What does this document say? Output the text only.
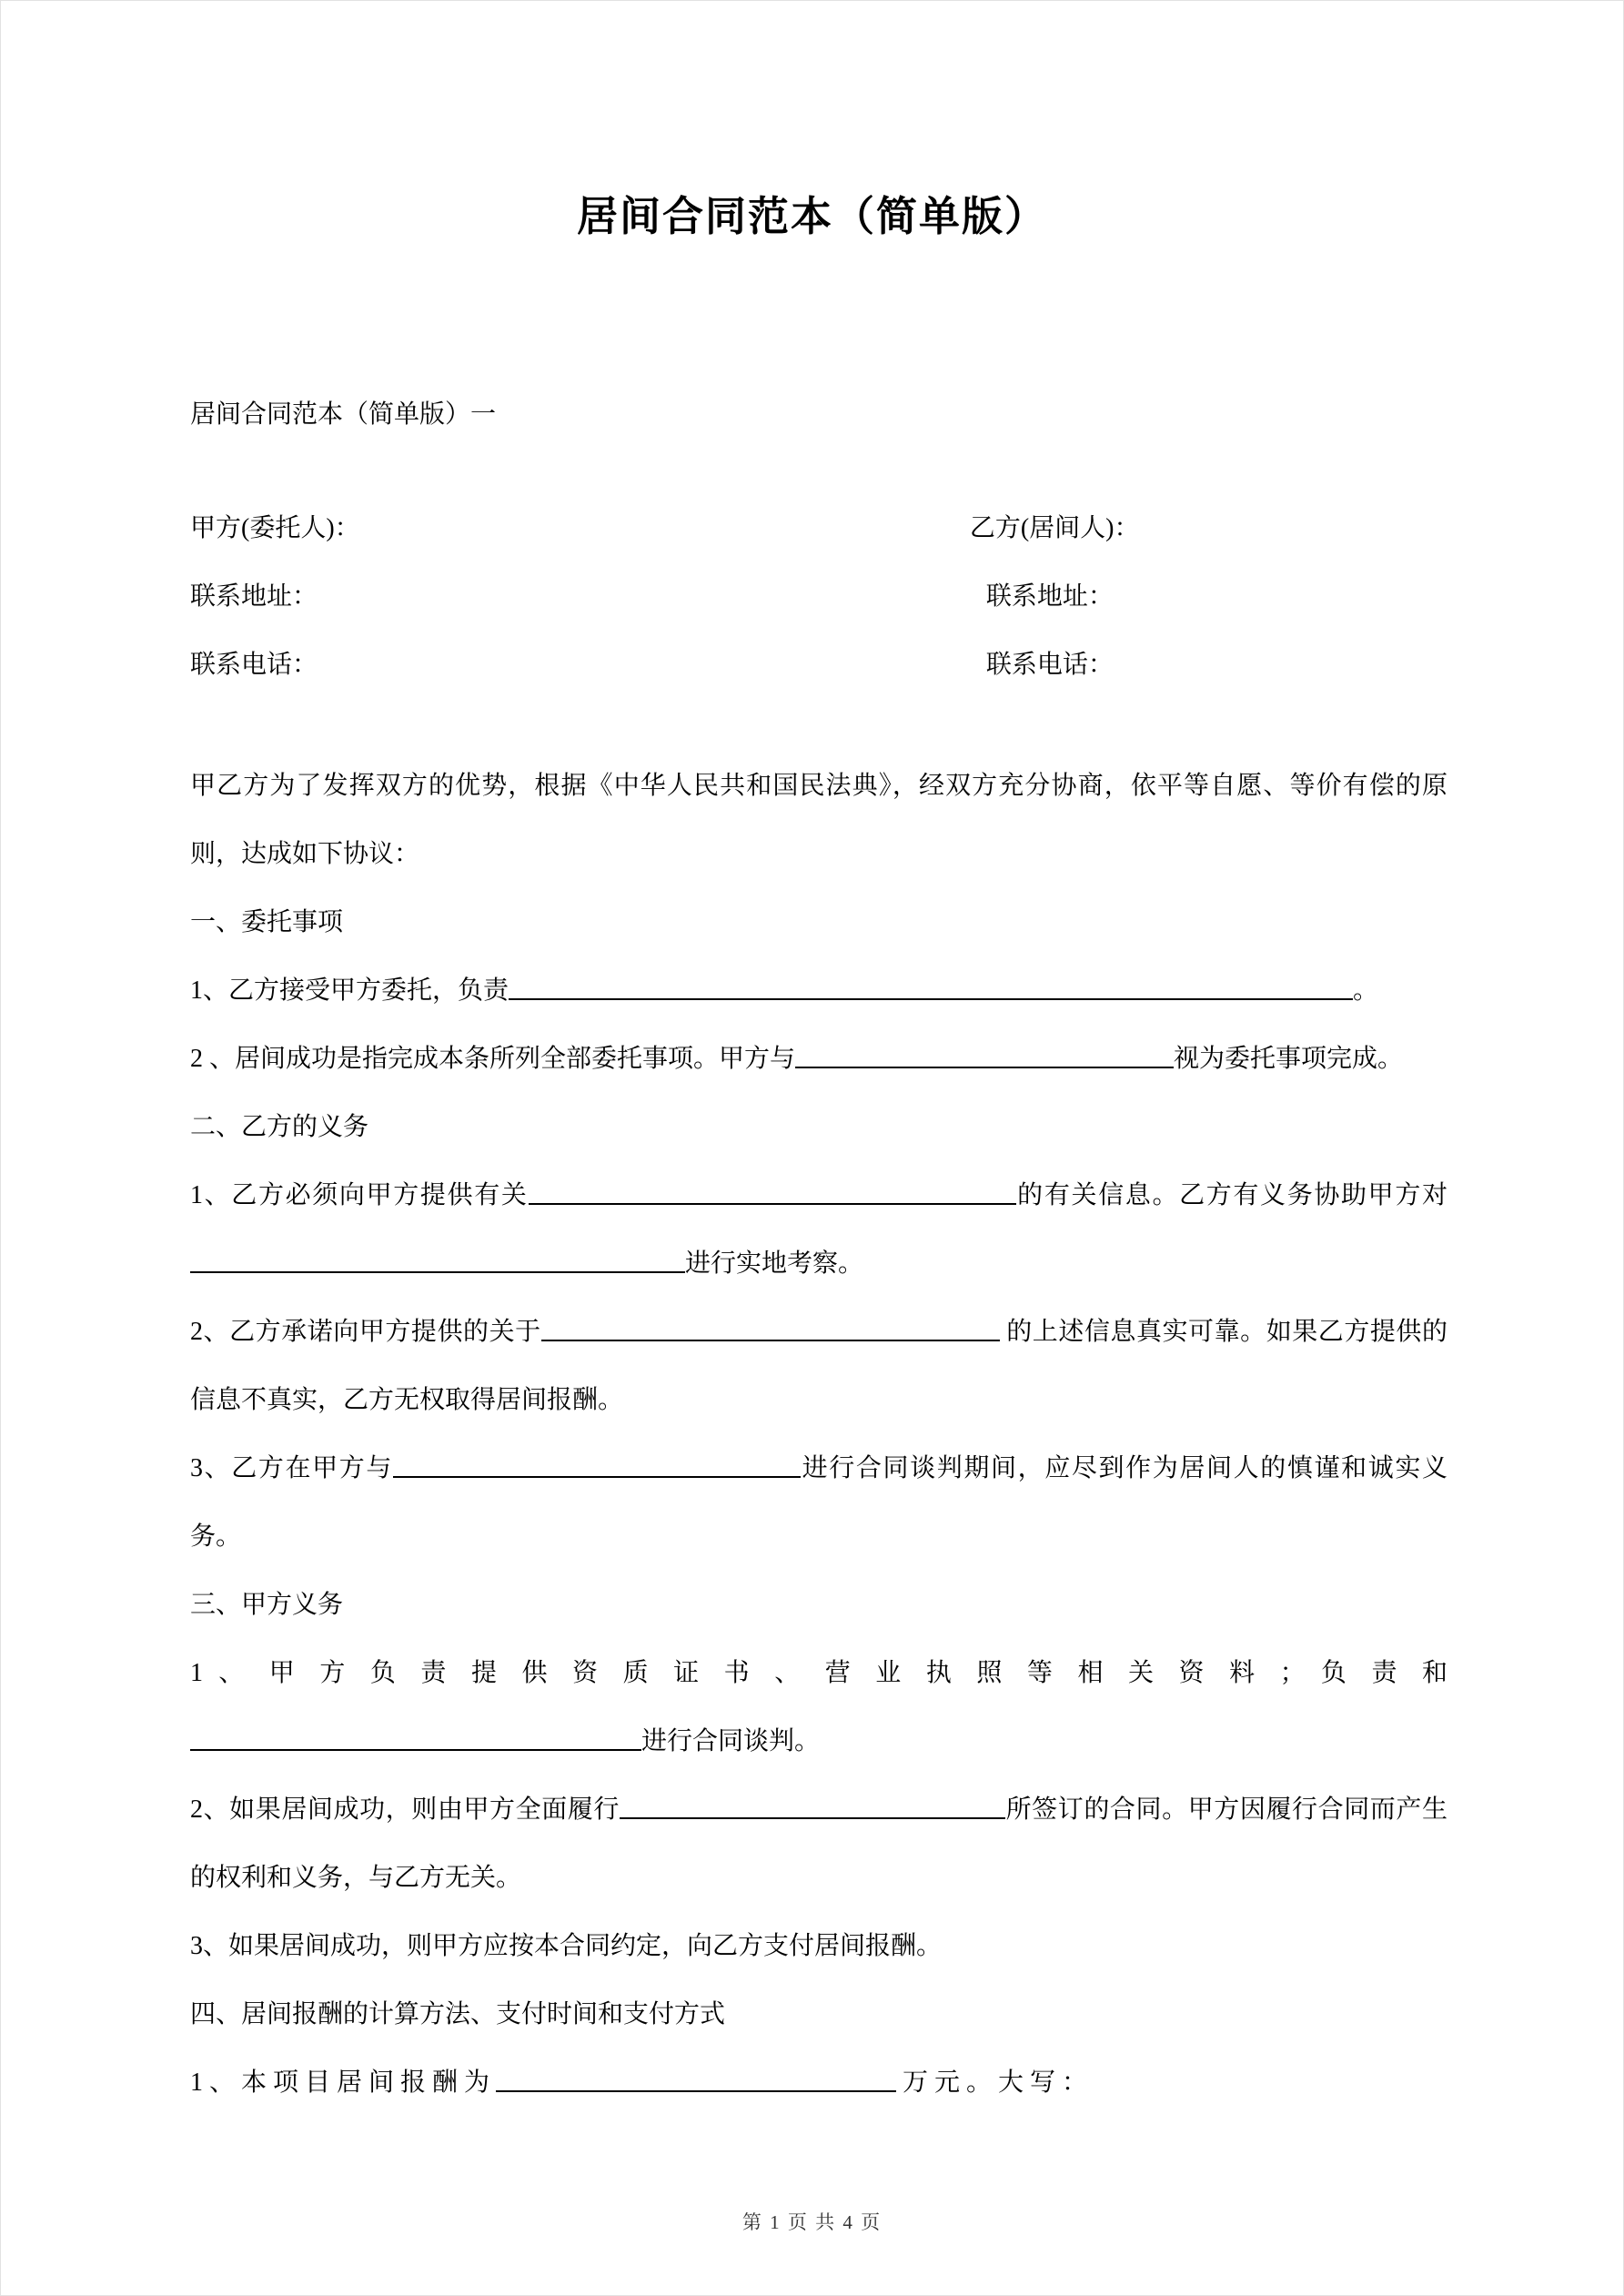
居间合同范本（简单版）
居间合同范本（简单版）一
甲方(委托人)：	乙方(居间人)：
联系地址：	联系地址：
联系电话：	联系电话：
甲乙方为了发挥双方的优势，根据《中华人民共和国民法典》，经双方充分协商，依平等自愿、等价有偿的原则，达成如下协议：
一、委托事项
1、乙方接受甲方委托，负责	。
2 、居间成功是指完成本条所列全部委托事项。甲方与	视为委托事项完成。
二、乙方的义务
1、乙方必须向甲方提供有关	的有关信息。乙方有义务协助甲方对进行实地考察。
2、乙方承诺向甲方提供的关于	的上述信息真实可靠。如果乙方提供的信息不真实，乙方无权取得居间报酬。
3、乙方在甲方与	进行合同谈判期间，应尽到作为居间人的慎谨和诚实义务。
三、甲方义务
1 、 甲 方 负 责 提 供 资 质 证 书 、 营 业 执 照 等 相 关 资 料 ； 负 责 和进行合同谈判。
2、如果居间成功，则由甲方全面履行	所签订的合同。甲方因履行合同而产生的权利和义务，与乙方无关。
3、如果居间成功，则甲方应按本合同约定，向乙方支付居间报酬。
四、居间报酬的计算方法、支付时间和支付方式
1 、 本 项 目 居 间 报 酬 为	万 元 。 大 写 ：
第 1 页 共 4 页
